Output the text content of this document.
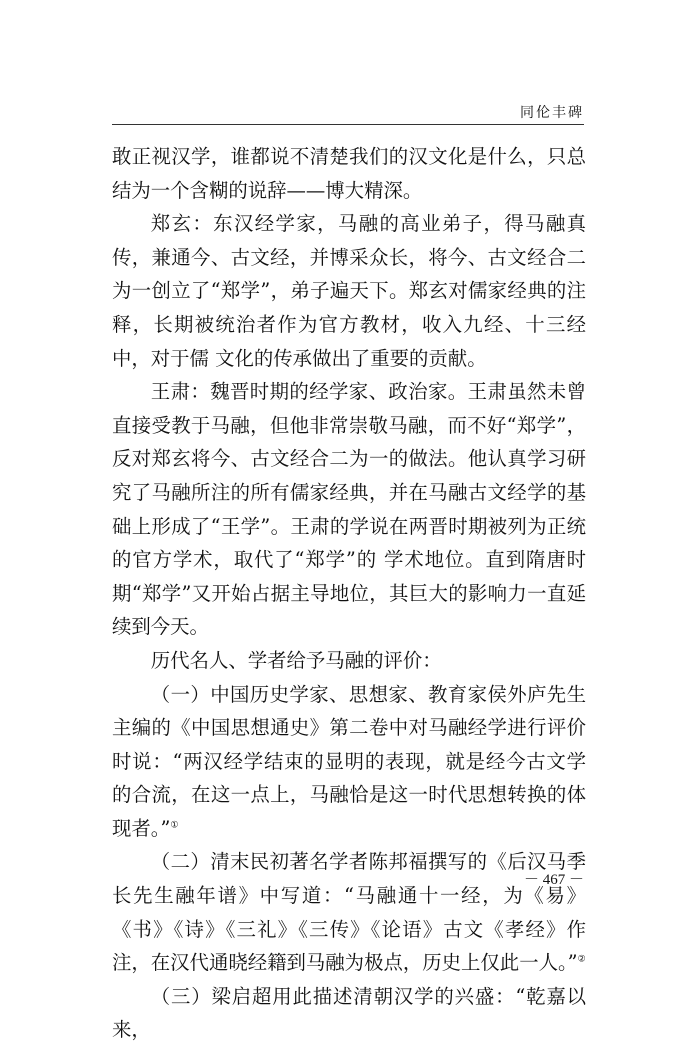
同伦丰碑

敢正视汉学，谁都说不清楚我们的汉文化是什么，只总结为一个含糊的说辞——博大精深。

郑玄：东汉经学家，马融的高业弟子，得马融真传，兼通今、古文经，并博采众长，将今、古文经合二为一创立了“郑学”，弟子遍天下。郑玄对儒家经典的注释，长期被统治者作为官方教材，收入九经、十三经中，对于儒 文化的传承做出了重要的贡献。

王肃：魏晋时期的经学家、政治家。王肃虽然未曾直接受教于马融，但他非常崇敬马融，而不好“郑学”，反对郑玄将今、古文经合二为一的做法。他认真学习研究了马融所注的所有儒家经典，并在马融古文经学的基础上形成了“王学”。王肃的学说在两晋时期被列为正统的官方学术，取代了“郑学”的 学术地位。直到隋唐时期“郑学”又开始占据主导地位，其巨大的影响力一直延续到今天。

历代名人、学者给予马融的评价：

（一）中国历史学家、思想家、教育家侯外庐先生主编的《中国思想通史》第二卷中对马融经学进行评价时说：“两汉经学结束的显明的表现，就是经今古文学的合流，在这一点上，马融恰是这一时代思想转换的体现者。”①

（二）清末民初著名学者陈邦福撰写的《后汉马季长先生融年谱》中写道：“马融通十一经，为《易》《书》《诗》《三礼》《三传》《论语》古文《孝经》作注，在汉代通晓经籍到马融为极点，历史上仅此一人。”②

（三）梁启超用此描述清朝汉学的兴盛：“乾嘉以来，

－ 467 －
